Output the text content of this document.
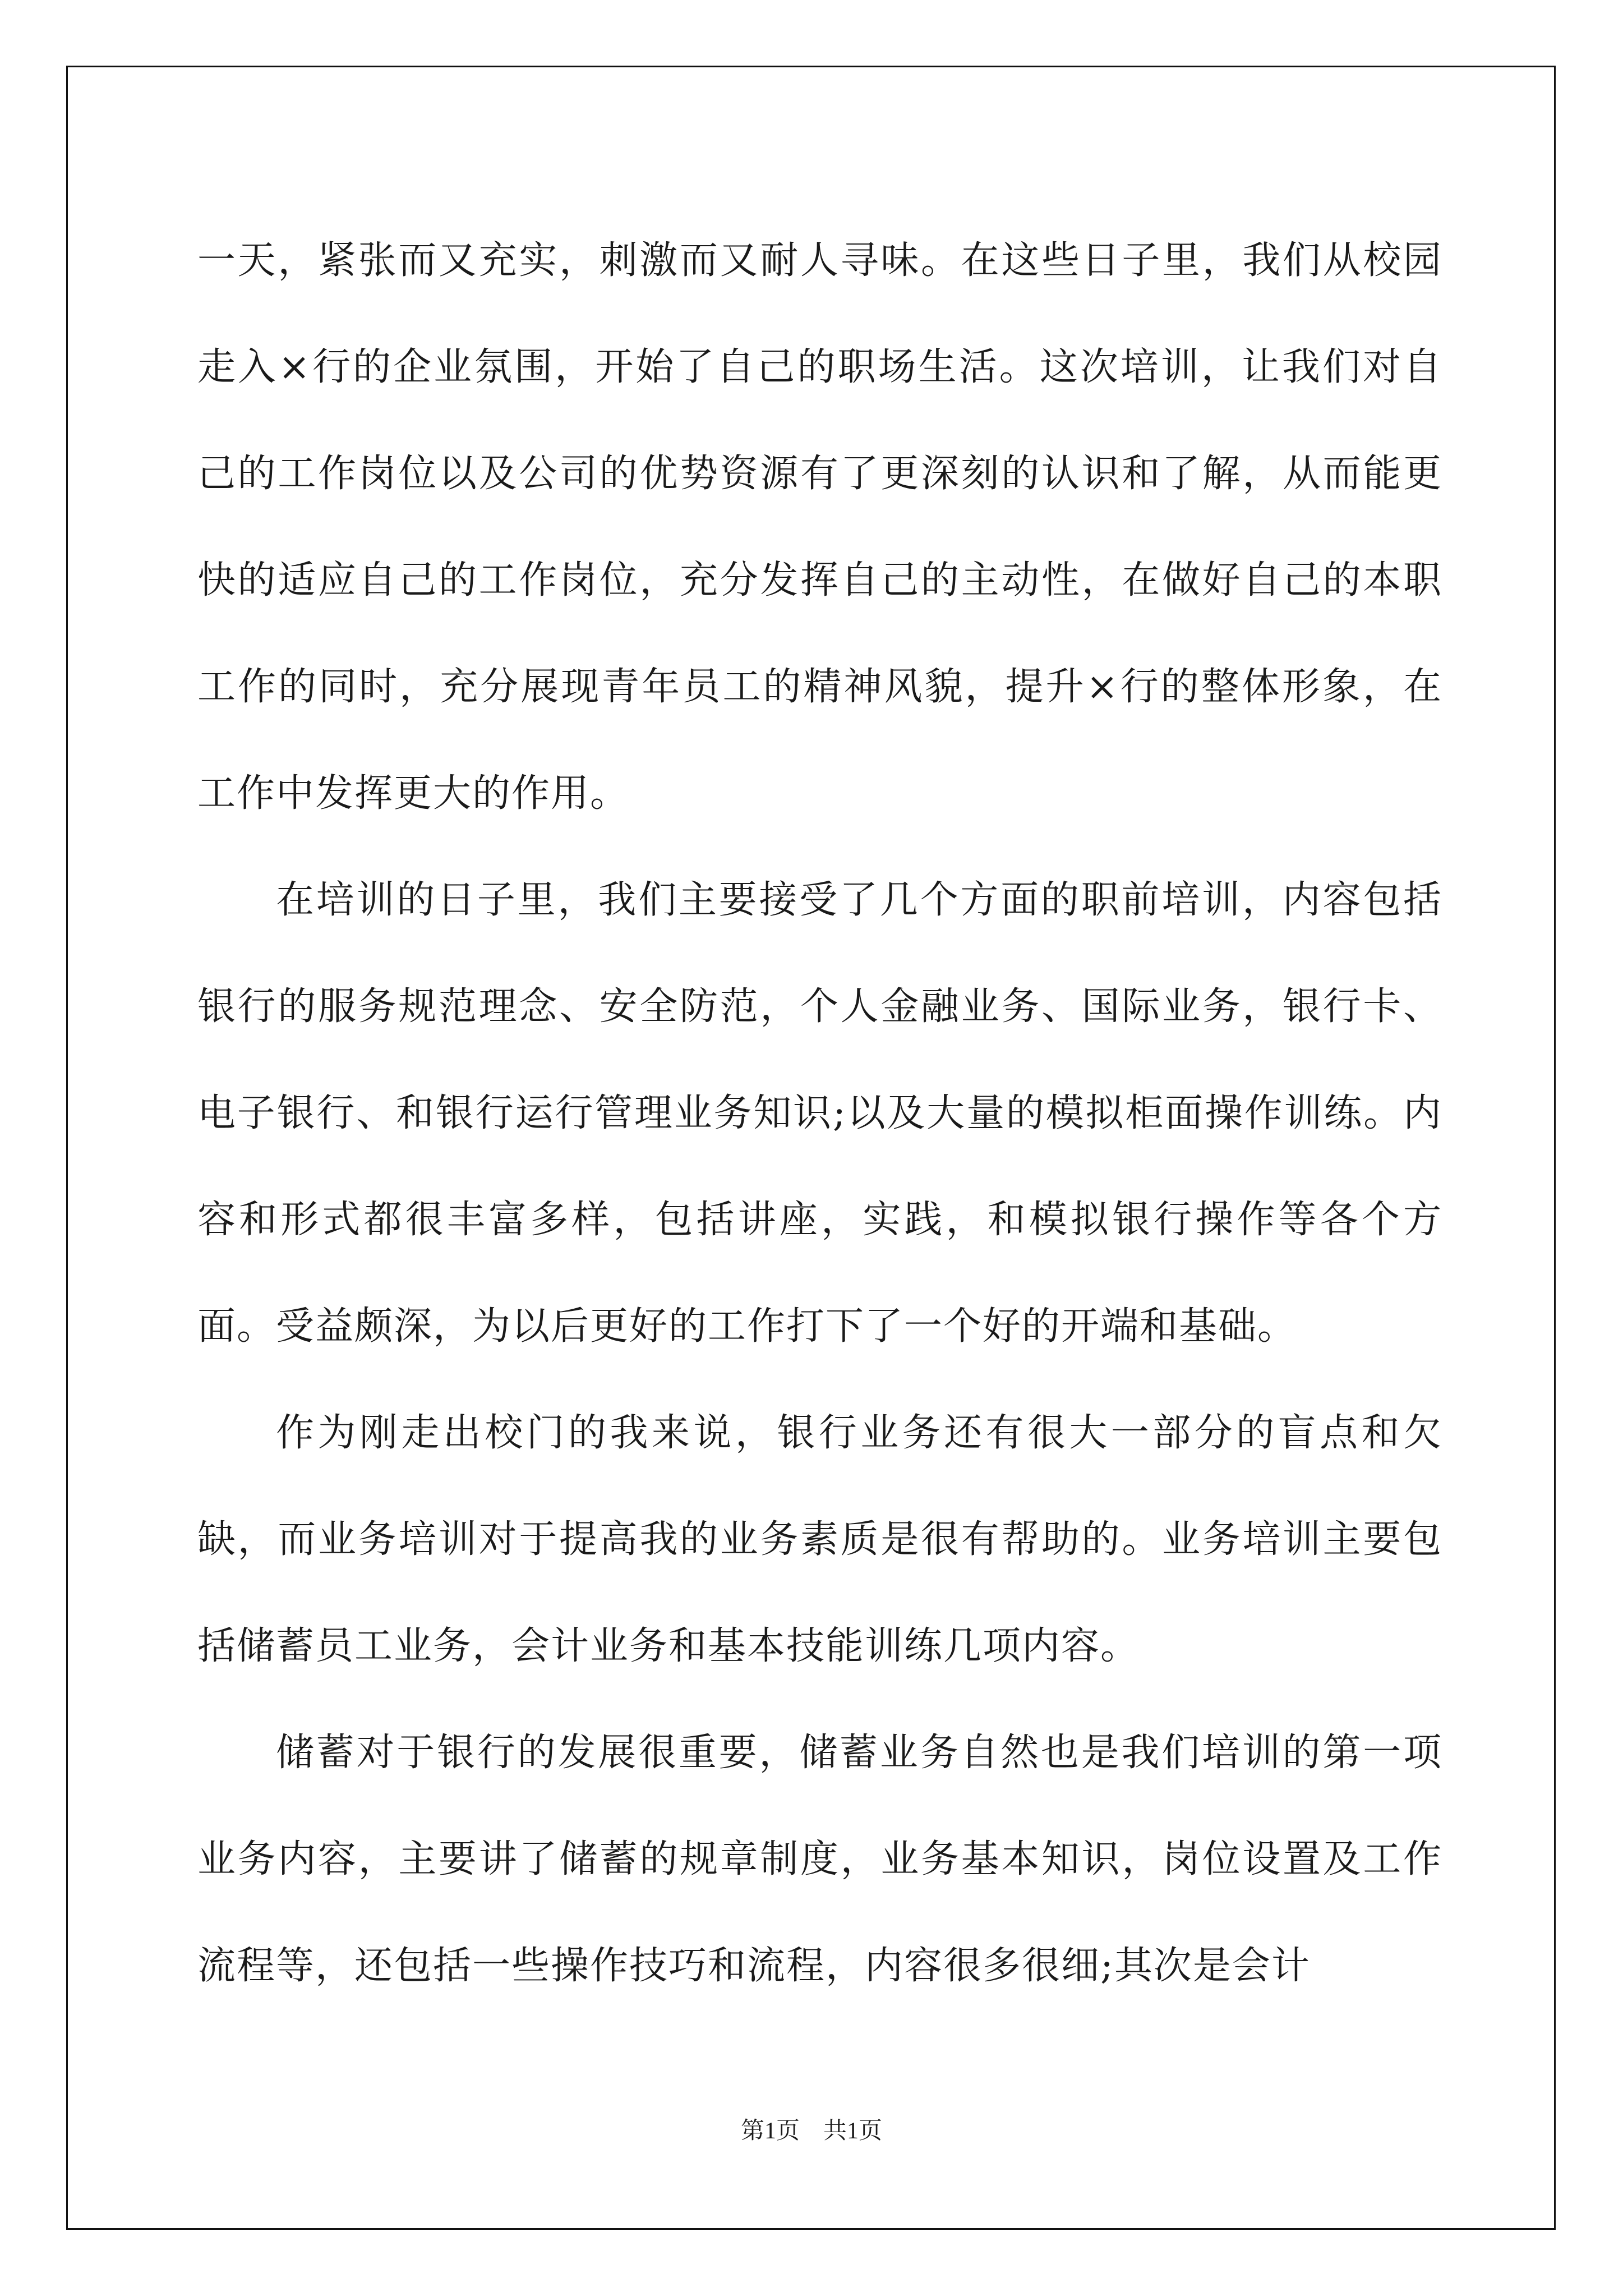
一天，紧张而又充实，刺激而又耐人寻味。在这些日子里，我们从校园走入×行的企业氛围，开始了自己的职场生活。这次培训，让我们对自己的工作岗位以及公司的优势资源有了更深刻的认识和了解，从而能更快的适应自己的工作岗位，充分发挥自己的主动性，在做好自己的本职工作的同时，充分展现青年员工的精神风貌，提升×行的整体形象，在工作中发挥更大的作用。

在培训的日子里，我们主要接受了几个方面的职前培训，内容包括银行的服务规范理念、安全防范，个人金融业务、国际业务，银行卡、电子银行、和银行运行管理业务知识;以及大量的模拟柜面操作训练。内容和形式都很丰富多样，包括讲座，实践，和模拟银行操作等各个方面。受益颇深，为以后更好的工作打下了一个好的开端和基础。

作为刚走出校门的我来说，银行业务还有很大一部分的盲点和欠缺，而业务培训对于提高我的业务素质是很有帮助的。业务培训主要包括储蓄员工业务，会计业务和基本技能训练几项内容。

储蓄对于银行的发展很重要，储蓄业务自然也是我们培训的第一项业务内容，主要讲了储蓄的规章制度，业务基本知识，岗位设置及工作流程等，还包括一些操作技巧和流程，内容很多很细;其次是会计

第1页　共1页
